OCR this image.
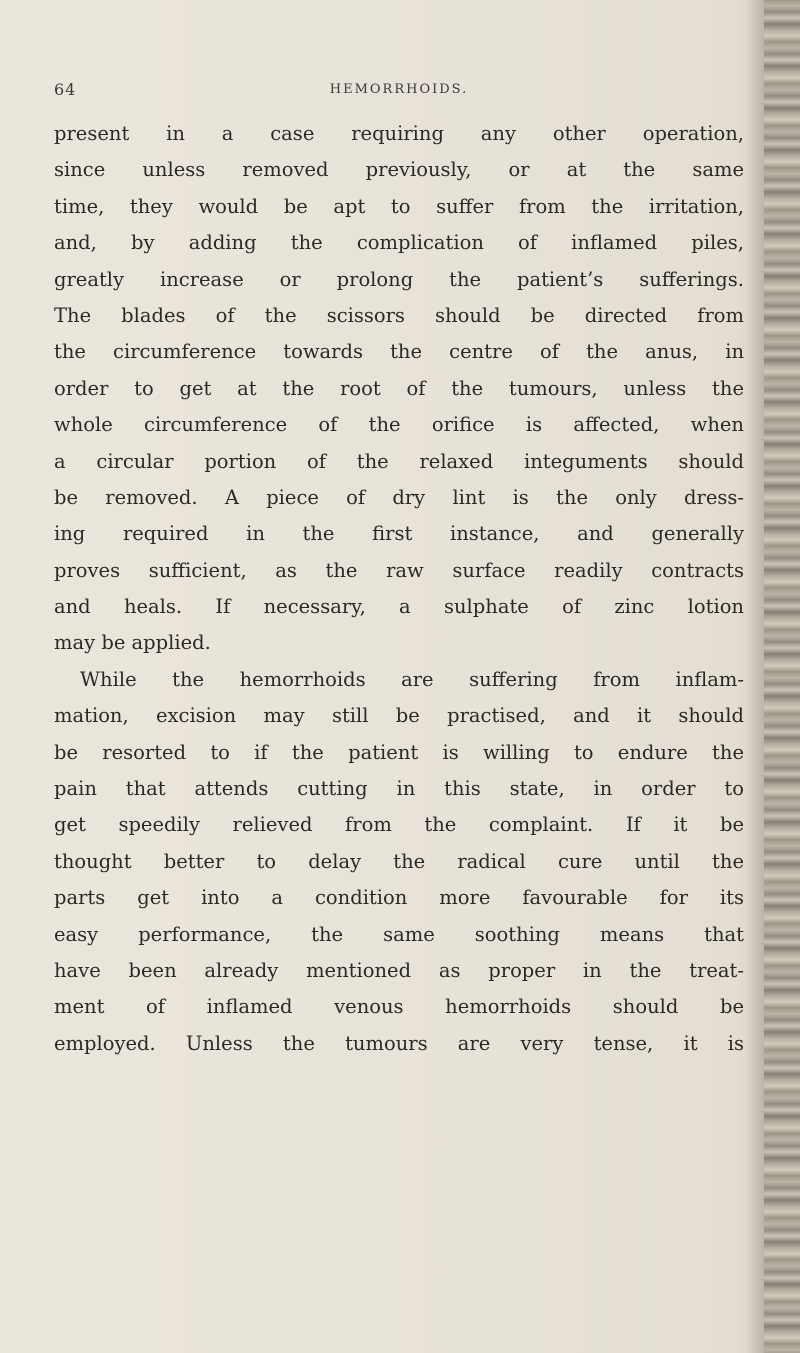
64	HEMORRHOIDS.
present in a case requiring any other operation,
since unless removed previously, or at the same
time, they would be apt to suffer from the irritation,
and, by adding the complication of inflamed piles,
greatly increase or prolong the patient’s sufferings.
The blades of the scissors should be directed from
the circumference towards the centre of the anus, in
order to get at the root of the tumours, unless the
whole circumference of the orifice is affected, when
a circular portion of the relaxed integuments should
be removed. A piece of dry lint is the only dress-
ing required in the first instance, and generally
proves sufficient, as the raw surface readily contracts
and heals. If necessary, a sulphate of zinc lotion
may be applied.
While the hemorrhoids are suffering from inflam-
mation, excision may still be practised, and it should
be resorted to if the patient is willing to endure the
pain that attends cutting in this state, in order to
get speedily relieved from the complaint. If it be
thought better to delay the radical cure until the
parts get into a condition more favourable for its
easy performance, the same soothing means that
have been already mentioned as proper in the treat-
ment of inflamed venous hemorrhoids should be
employed. Unless the tumours are very tense, it is
